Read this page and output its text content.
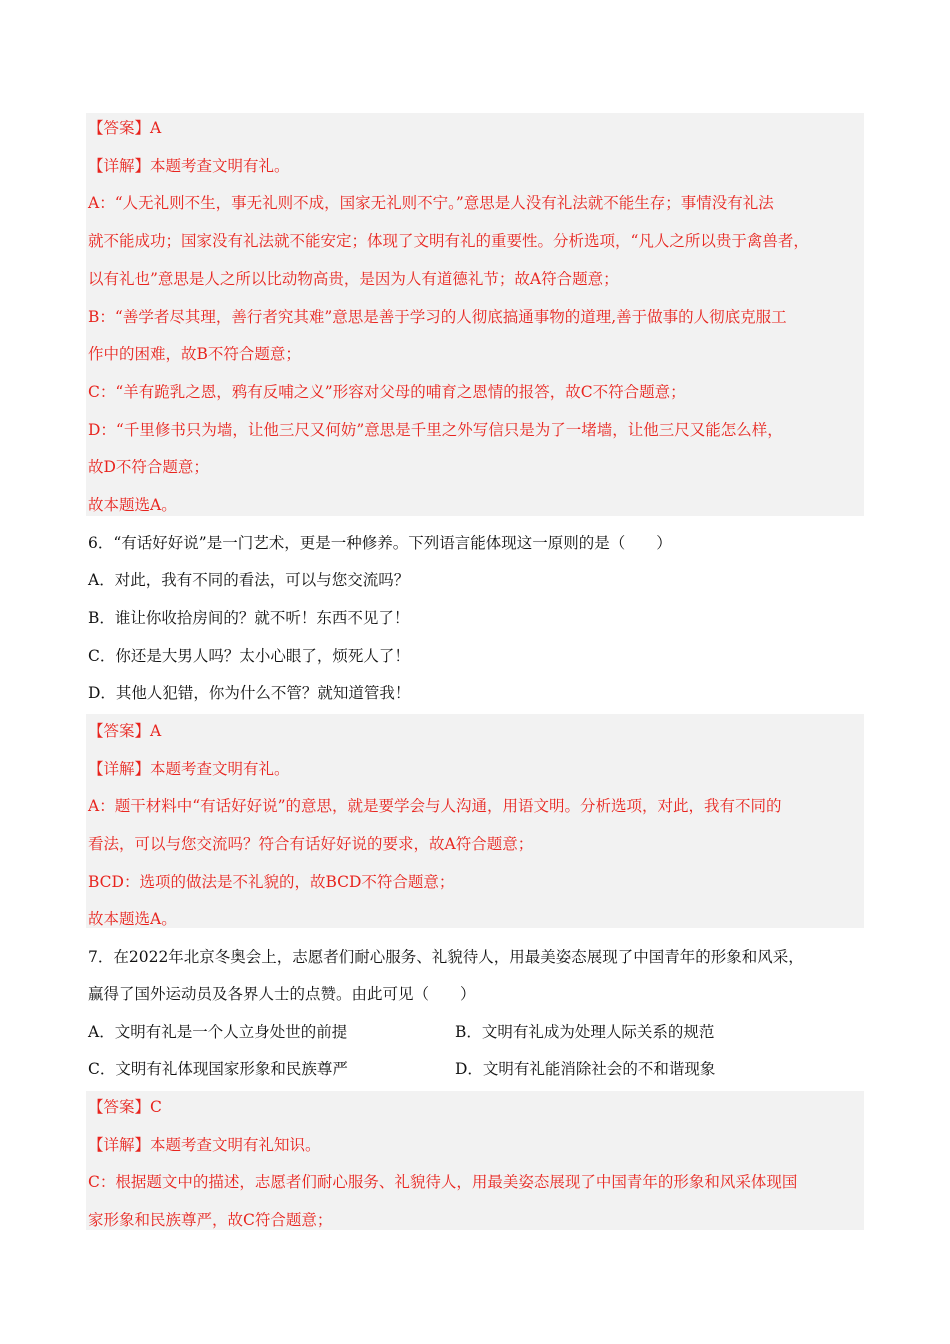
【答案】A
【详解】本题考查文明有礼。
A：“人无礼则不生，事无礼则不成，国家无礼则不宁。”意思是人没有礼法就不能生存；事情没有礼法
就不能成功；国家没有礼法就不能安定；体现了文明有礼的重要性。分析选项，“凡人之所以贵于禽兽者，
以有礼也”意思是人之所以比动物高贵，是因为人有道德礼节；故A符合题意；
B：“善学者尽其理，善行者究其难”意思是善于学习的人彻底搞通事物的道理,善于做事的人彻底克服工
作中的困难，故B不符合题意；
C：“羊有跪乳之恩，鸦有反哺之义”形容对父母的哺育之恩情的报答，故C不符合题意；
D：“千里修书只为墙，让他三尺又何妨”意思是千里之外写信只是为了一堵墙，让他三尺又能怎么样，
故D不符合题意；
故本题选A。
6．“有话好好说”是一门艺术，更是一种修养。下列语言能体现这一原则的是（　　）
A．对此，我有不同的看法，可以与您交流吗？
B．谁让你收拾房间的？就不听！东西不见了！
C．你还是大男人吗？太小心眼了，烦死人了！
D．其他人犯错，你为什么不管？就知道管我！
【答案】A
【详解】本题考查文明有礼。
A：题干材料中“有话好好说”的意思，就是要学会与人沟通，用语文明。分析选项，对此，我有不同的
看法，可以与您交流吗？符合有话好好说的要求，故A符合题意；
BCD：选项的做法是不礼貌的，故BCD不符合题意；
故本题选A。
7．在2022年北京冬奥会上，志愿者们耐心服务、礼貌待人，用最美姿态展现了中国青年的形象和风采，
赢得了国外运动员及各界人士的点赞。由此可见（　　）
A．文明有礼是一个人立身处世的前提	B．文明有礼成为处理人际关系的规范
C．文明有礼体现国家形象和民族尊严	D．文明有礼能消除社会的不和谐现象
【答案】C
【详解】本题考查文明有礼知识。
C：根据题文中的描述，志愿者们耐心服务、礼貌待人，用最美姿态展现了中国青年的形象和风采体现国
家形象和民族尊严，故C符合题意；
